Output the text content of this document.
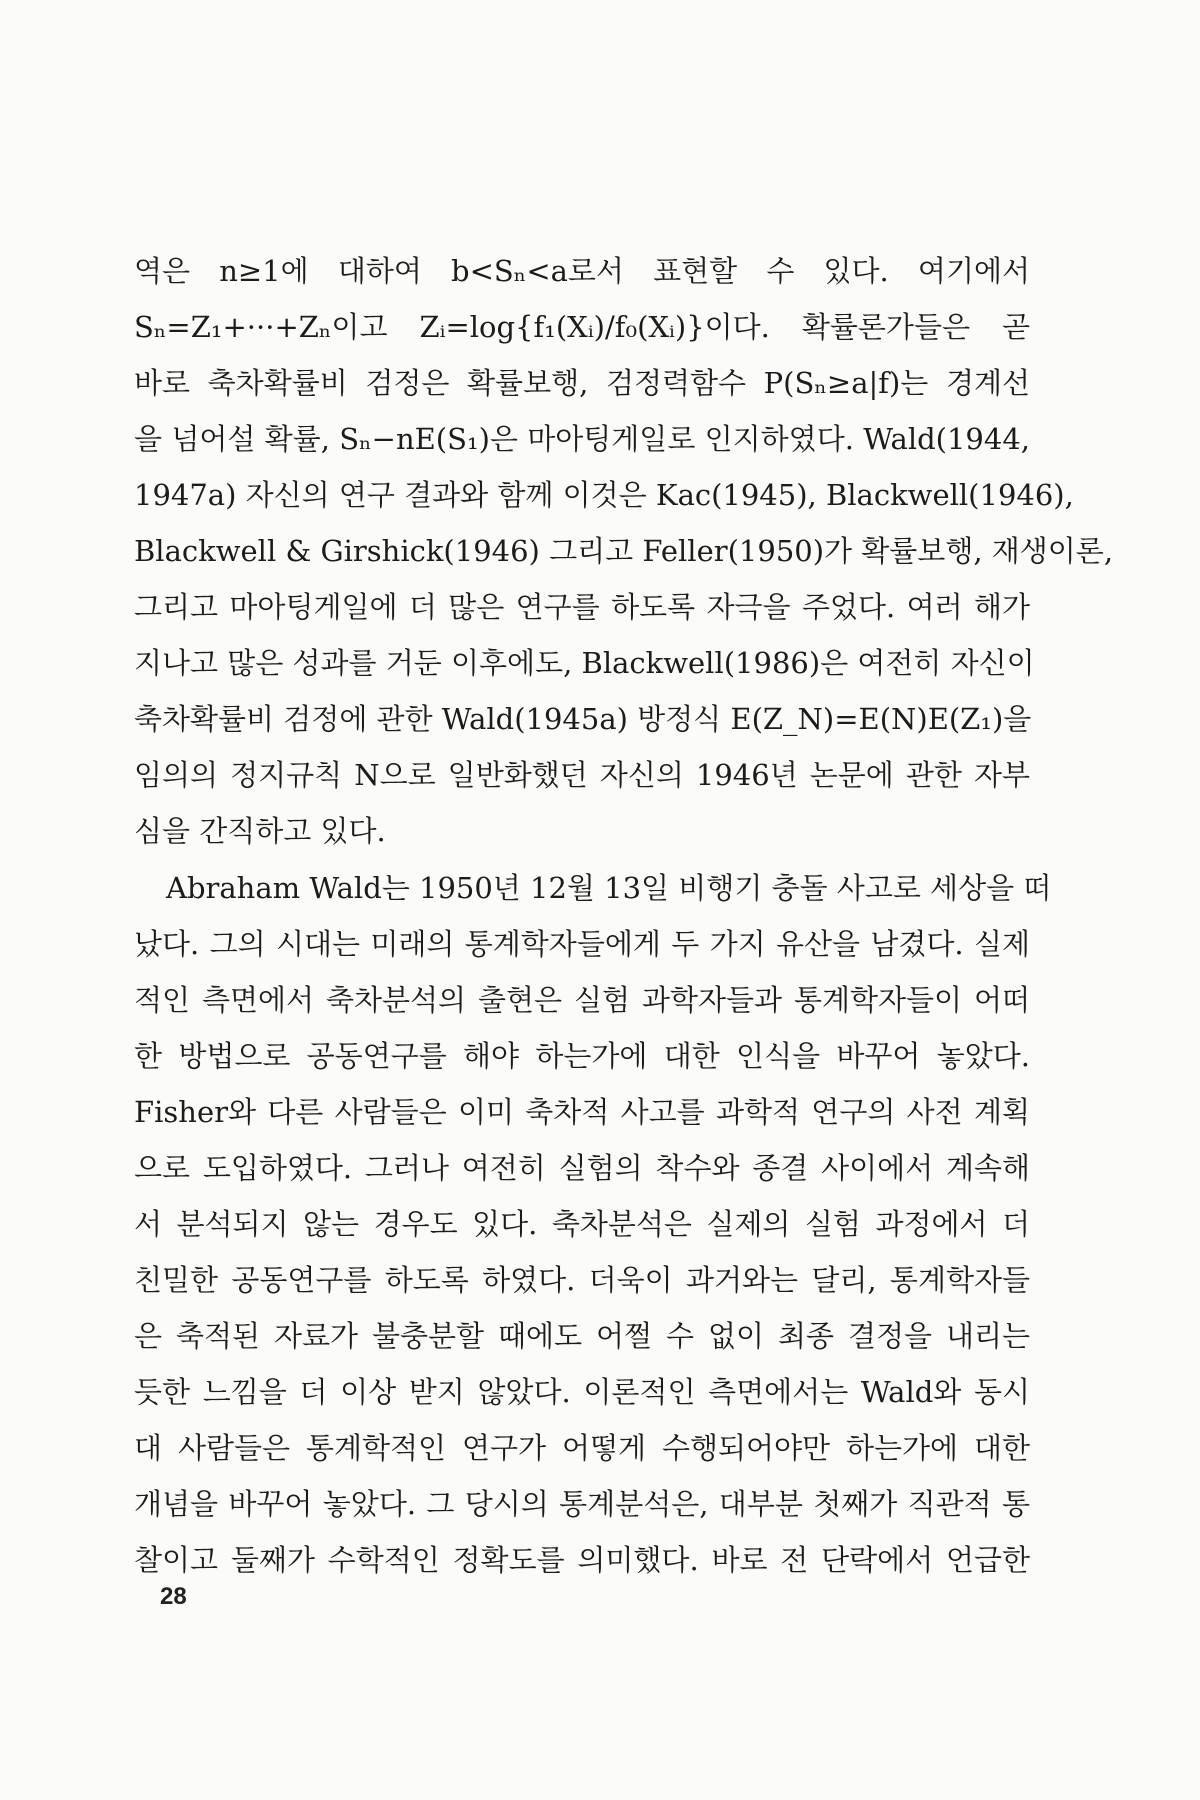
역은 n≥1에 대하여 b<Sₙ<a로서 표현할 수 있다. 여기에서
Sₙ=Z₁+···+Zₙ이고 Zᵢ=log{f₁(Xᵢ)/f₀(Xᵢ)}이다. 확률론가들은 곧
바로 축차확률비 검정은 확률보행, 검정력함수 P(Sₙ≥a|f)는 경계선
을 넘어설 확률, Sₙ−nE(S₁)은 마아팅게일로 인지하였다. Wald(1944,
1947a) 자신의 연구 결과와 함께 이것은 Kac(1945), Blackwell(1946),
Blackwell & Girshick(1946) 그리고 Feller(1950)가 확률보행, 재생이론,
그리고 마아팅게일에 더 많은 연구를 하도록 자극을 주었다. 여러 해가
지나고 많은 성과를 거둔 이후에도, Blackwell(1986)은 여전히 자신이
축차확률비 검정에 관한 Wald(1945a) 방정식 E(Z_N)=E(N)E(Z₁)을
임의의 정지규칙 N으로 일반화했던 자신의 1946년 논문에 관한 자부
심을 간직하고 있다.
Abraham Wald는 1950년 12월 13일 비행기 충돌 사고로 세상을 떠
났다. 그의 시대는 미래의 통계학자들에게 두 가지 유산을 남겼다. 실제
적인 측면에서 축차분석의 출현은 실험 과학자들과 통계학자들이 어떠
한 방법으로 공동연구를 해야 하는가에 대한 인식을 바꾸어 놓았다.
Fisher와 다른 사람들은 이미 축차적 사고를 과학적 연구의 사전 계획
으로 도입하였다. 그러나 여전히 실험의 착수와 종결 사이에서 계속해
서 분석되지 않는 경우도 있다. 축차분석은 실제의 실험 과정에서 더
친밀한 공동연구를 하도록 하였다. 더욱이 과거와는 달리, 통계학자들
은 축적된 자료가 불충분할 때에도 어쩔 수 없이 최종 결정을 내리는
듯한 느낌을 더 이상 받지 않았다. 이론적인 측면에서는 Wald와 동시
대 사람들은 통계학적인 연구가 어떻게 수행되어야만 하는가에 대한
개념을 바꾸어 놓았다. 그 당시의 통계분석은, 대부분 첫째가 직관적 통
찰이고 둘째가 수학적인 정확도를 의미했다. 바로 전 단락에서 언급한
28
